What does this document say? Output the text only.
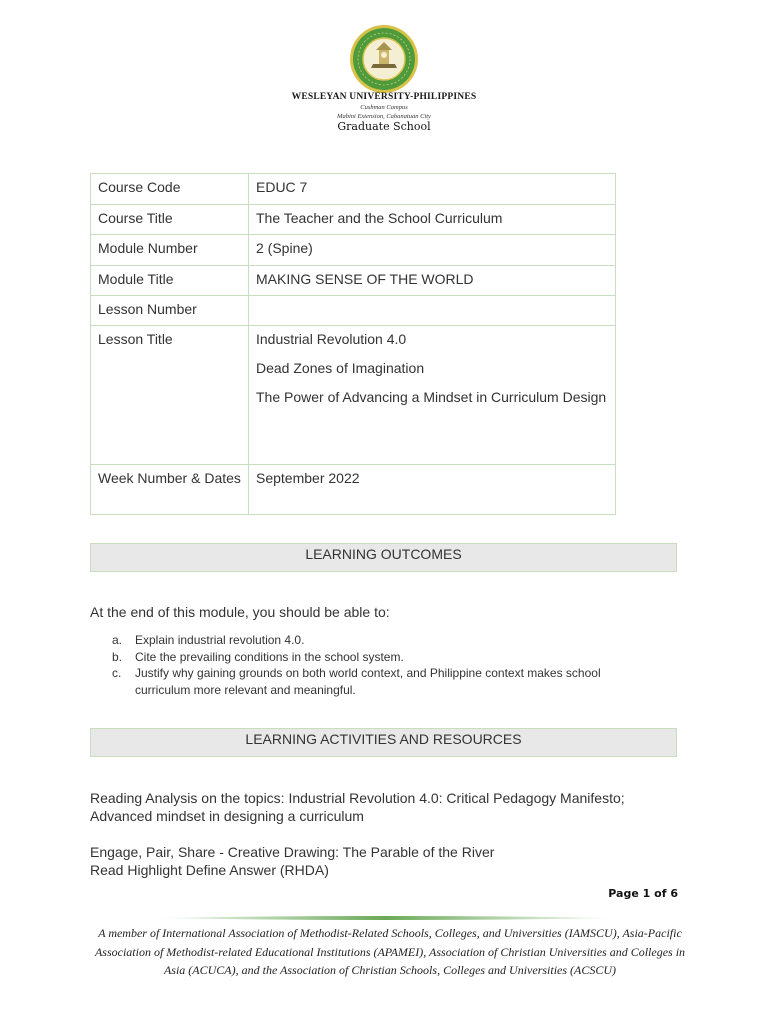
WESLEYAN UNIVERSITY-PHILIPPINES
Cushman Campus
Mabini Extension, Cabanatuan City
Graduate School
Course Code	EDUC 7
Course Title	The Teacher and the School Curriculum
Module Number	2 (Spine)
Module Title	MAKING SENSE OF THE WORLD
Lesson Number	
Lesson Title	Industrial Revolution 4.0

Dead Zones of Imagination

The Power of Advancing a Mindset in Curriculum Design

Week Number & Dates	September 2022
LEARNING OUTCOMES
At the end of this module, you should be able to:
a. Explain industrial revolution 4.0.
b. Cite the prevailing conditions in the school system.
c. Justify why gaining grounds on both world context, and Philippine context makes school curriculum more relevant and meaningful.
LEARNING ACTIVITIES AND RESOURCES
Reading Analysis on the topics: Industrial Revolution 4.0: Critical Pedagogy Manifesto; Advanced mindset in designing a curriculum
Engage, Pair, Share - Creative Drawing: The Parable of the River
Read Highlight Define Answer (RHDA)
Page 1 of 6
A member of International Association of Methodist-Related Schools, Colleges, and Universities (IAMSCU), Asia-Pacific Association of Methodist-related Educational Institutions (APAMEI), Association of Christian Universities and Colleges in Asia (ACUCA), and the Association of Christian Schools, Colleges and Universities (ACSCU)
